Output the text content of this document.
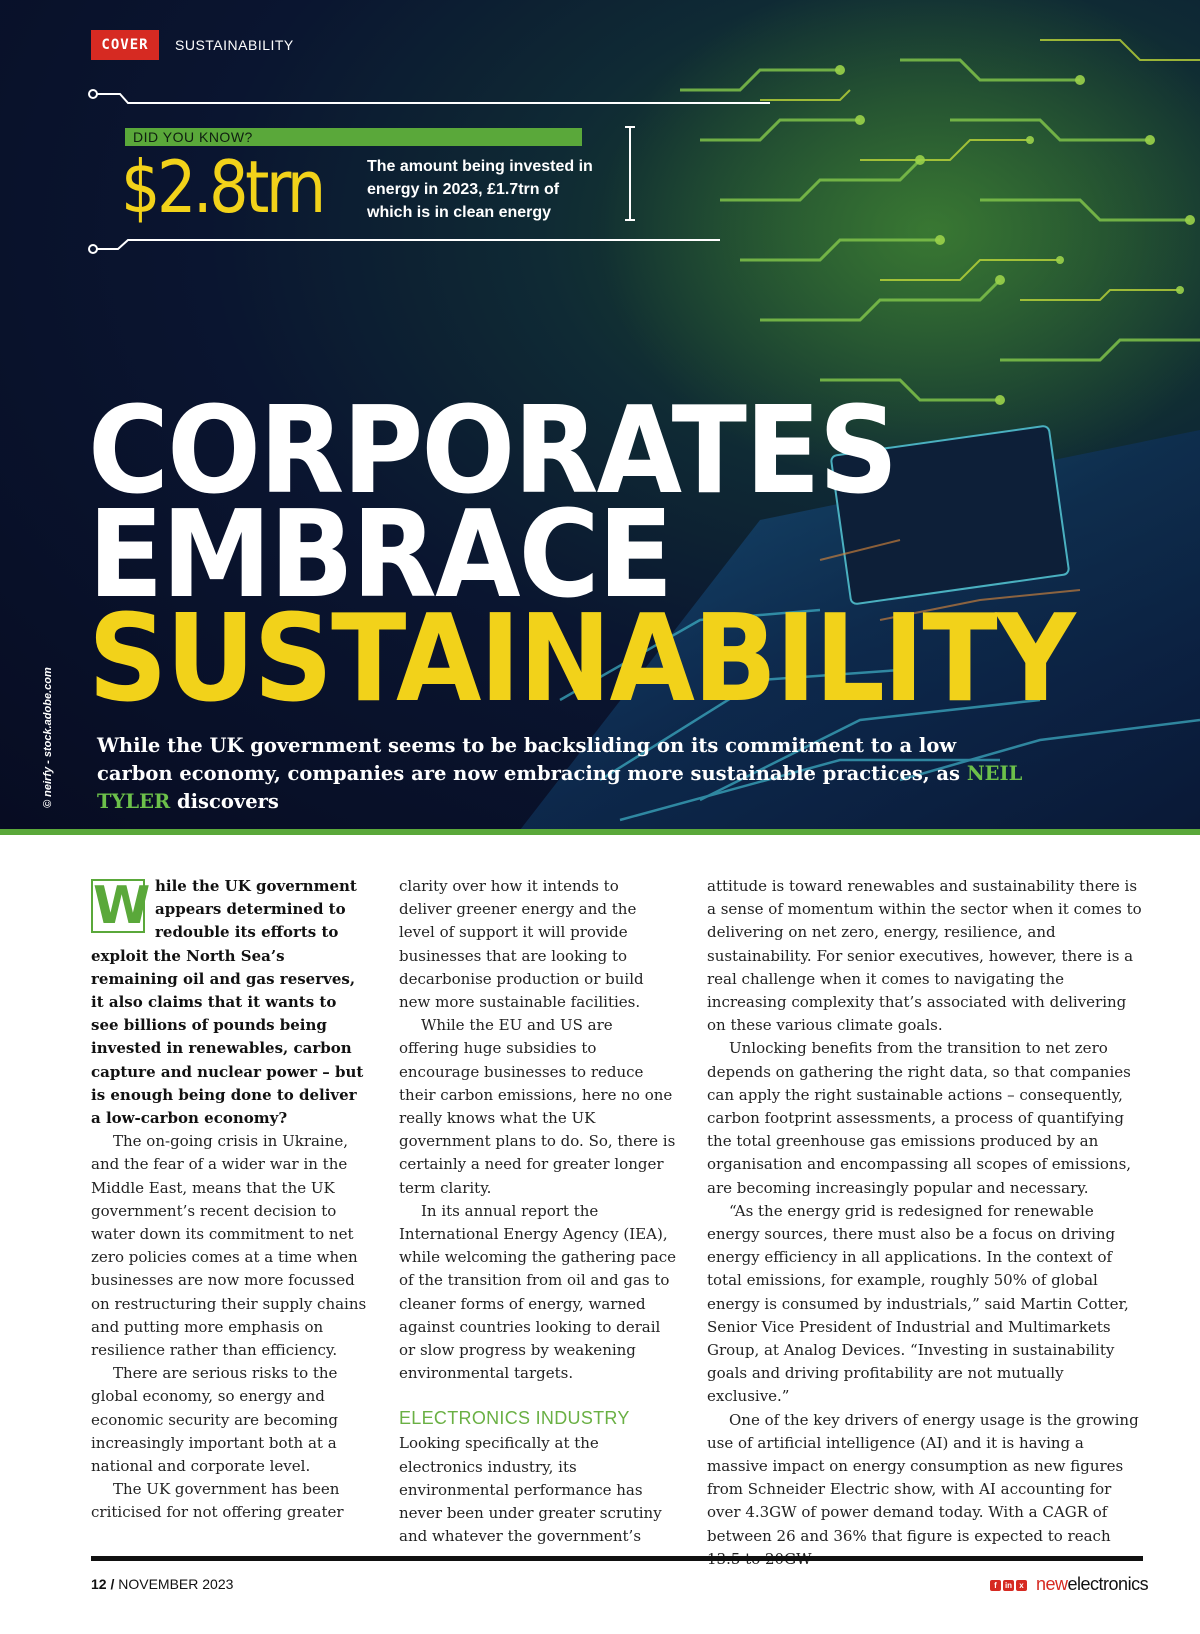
COVER	SUSTAINABILITY
DID YOU KNOW?
$2.8trn	The amount being invested in energy in 2023, £1.7trn of which is in clean energy
CORPORATES
EMBRACE
SUSTAINABILITY
While the UK government seems to be backsliding on its commitment to a low carbon economy, companies are now embracing more sustainable practices, as NEIL TYLER discovers
© neirfy - stock.adobe.com

W hile the UK government appears determined to redouble its efforts to exploit the North Sea’s remaining oil and gas reserves, it also claims that it wants to see billions of pounds being invested in renewables, carbon capture and nuclear power – but is enough being done to deliver a low-carbon economy?

The on-going crisis in Ukraine, and the fear of a wider war in the Middle East, means that the UK government’s recent decision to water down its commitment to net zero policies comes at a time when businesses are now more focussed on restructuring their supply chains and putting more emphasis on resilience rather than efficiency.

There are serious risks to the global economy, so energy and economic security are becoming increasingly important both at a national and corporate level.

The UK government has been criticised for not offering greater

clarity over how it intends to deliver greener energy and the level of support it will provide businesses that are looking to decarbonise production or build new more sustainable facilities.

While the EU and US are offering huge subsidies to encourage businesses to reduce their carbon emissions, here no one really knows what the UK government plans to do. So, there is certainly a need for greater longer term clarity.

In its annual report the International Energy Agency (IEA), while welcoming the gathering pace of the transition from oil and gas to cleaner forms of energy, warned against countries looking to derail or slow progress by weakening environmental targets.

ELECTRONICS INDUSTRY

Looking specifically at the electronics industry, its environmental performance has never been under greater scrutiny and whatever the government’s

attitude is toward renewables and sustainability there is a sense of momentum within the sector when it comes to delivering on net zero, energy, resilience, and sustainability. For senior executives, however, there is a real challenge when it comes to navigating the increasing complexity that’s associated with delivering on these various climate goals.

Unlocking benefits from the transition to net zero depends on gathering the right data, so that companies can apply the right sustainable actions – consequently, carbon footprint assessments, a process of quantifying the total greenhouse gas emissions produced by an organisation and encompassing all scopes of emissions, are becoming increasingly popular and necessary.

“As the energy grid is redesigned for renewable energy sources, there must also be a focus on driving energy efficiency in all applications. In the context of total emissions, for example, roughly 50% of global energy is consumed by industrials,” said Martin Cotter, Senior Vice President of Industrial and Multimarkets Group, at Analog Devices. “Investing in sustainability goals and driving profitability are not mutually exclusive.”

One of the key drivers of energy usage is the growing use of artificial intelligence (AI) and it is having a massive impact on energy consumption as new figures from Schneider Electric show, with AI accounting for over 4.3GW of power demand today. With a CAGR of between 26 and 36% that figure is expected to reach

12 / NOVEMBER 2023	f	in x newelectronics
